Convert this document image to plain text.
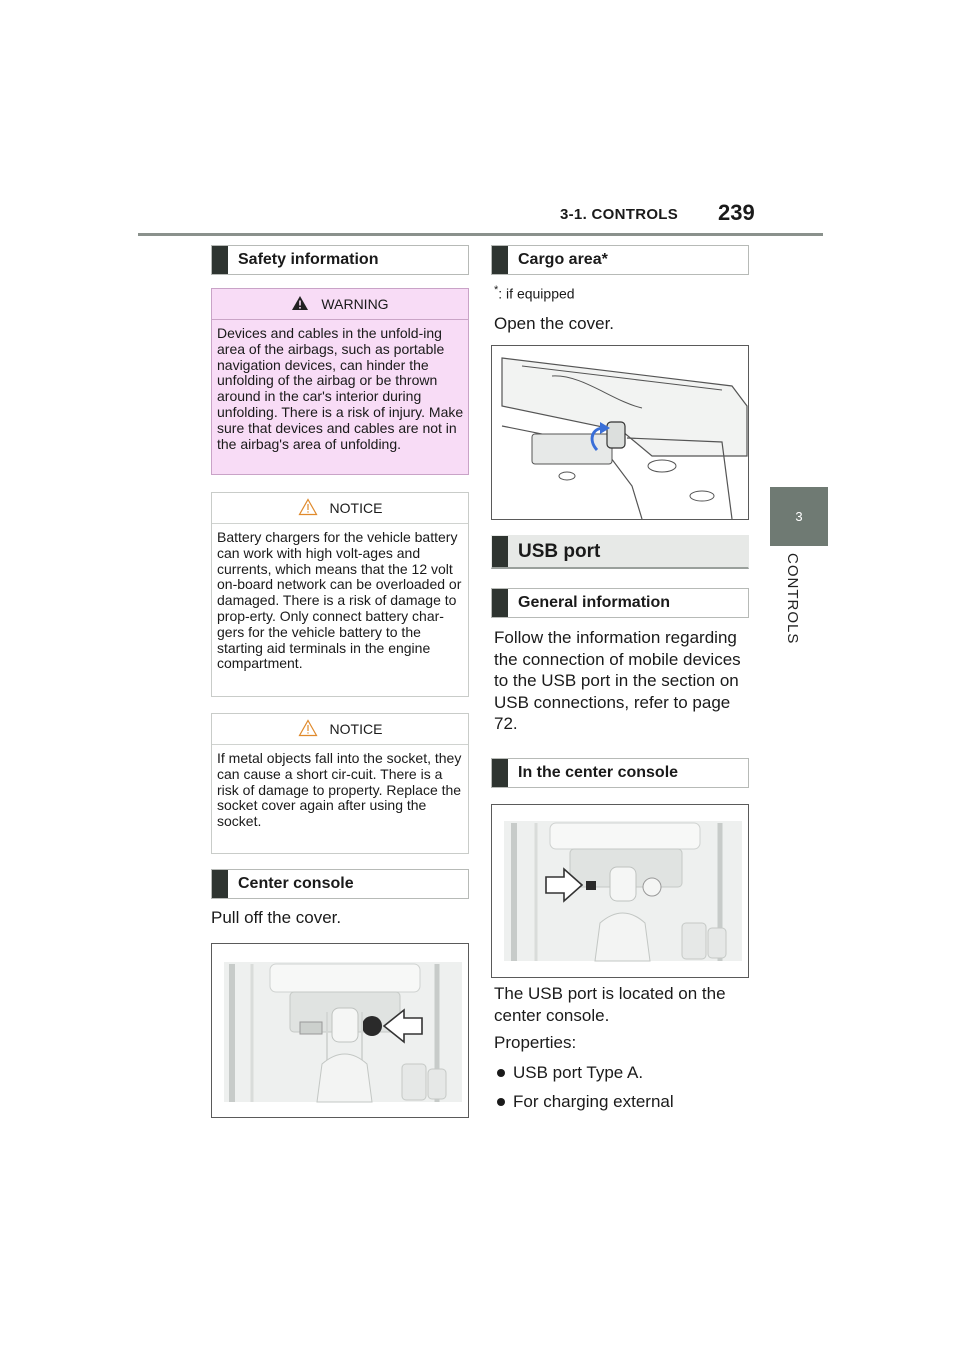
3-1. CONTROLS 239
3
CONTROLS
Safety information
WARNING
Devices and cables in the unfold-ing area of the airbags, such as portable navigation devices, can hinder the unfolding of the airbag or be thrown around in the car's interior during unfolding. There is a risk of injury. Make sure that devices and cables are not in the airbag's area of unfolding.
NOTICE
Battery chargers for the vehicle battery can work with high volt-ages and currents, which means that the 12 volt on-board network can be overloaded or damaged. There is a risk of damage to prop-erty. Only connect battery char-gers for the vehicle battery to the starting aid terminals in the engine compartment.
NOTICE
If metal objects fall into the socket, they can cause a short cir-cuit. There is a risk of damage to property. Replace the socket cover again after using the socket.
Center console
Pull off the cover.
Cargo area*
*: if equipped
Open the cover.
USB port
General information
Follow the information regarding the connection of mobile devices to the USB port in the section on USB connections, refer to page 72.
In the center console
The USB port is located on the center console.
Properties:
USB port Type A.
For charging external
